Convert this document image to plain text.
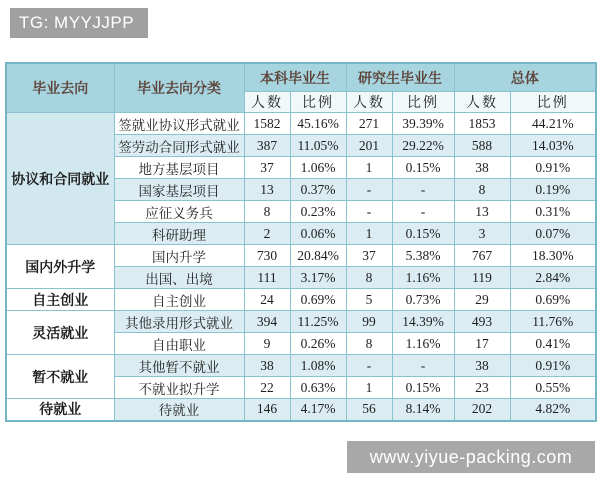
TG: MYYJJPP
毕业去向	毕业去向分类	本科毕业生		研究生毕业生		总体	
		人数	比例	人数	比例	人数	比例
协议和合同就业	签就业协议形式就业	1582	45.16%	271	39.39%	1853	44.21%
	签劳动合同形式就业	387	11.05%	201	29.22%	588	14.03%
	地方基层项目	37	1.06%	1	0.15%	38	0.91%
	国家基层项目	13	0.37%	-	-	8	0.19%
	应征义务兵	8	0.23%	-	-	13	0.31%
	科研助理	2	0.06%	1	0.15%	3	0.07%
国内外升学	国内升学	730	20.84%	37	5.38%	767	18.30%
	出国、出境	111	3.17%	8	1.16%	119	2.84%
自主创业	自主创业	24	0.69%	5	0.73%	29	0.69%
灵活就业	其他录用形式就业	394	11.25%	99	14.39%	493	11.76%
	自由职业	9	0.26%	8	1.16%	17	0.41%
暂不就业	其他暂不就业	38	1.08%	-	-	38	0.91%
	不就业拟升学	22	0.63%	1	0.15%	23	0.55%
待就业	待就业	146	4.17%	56	8.14%	202	4.82%
www.yiyue-packing.com
